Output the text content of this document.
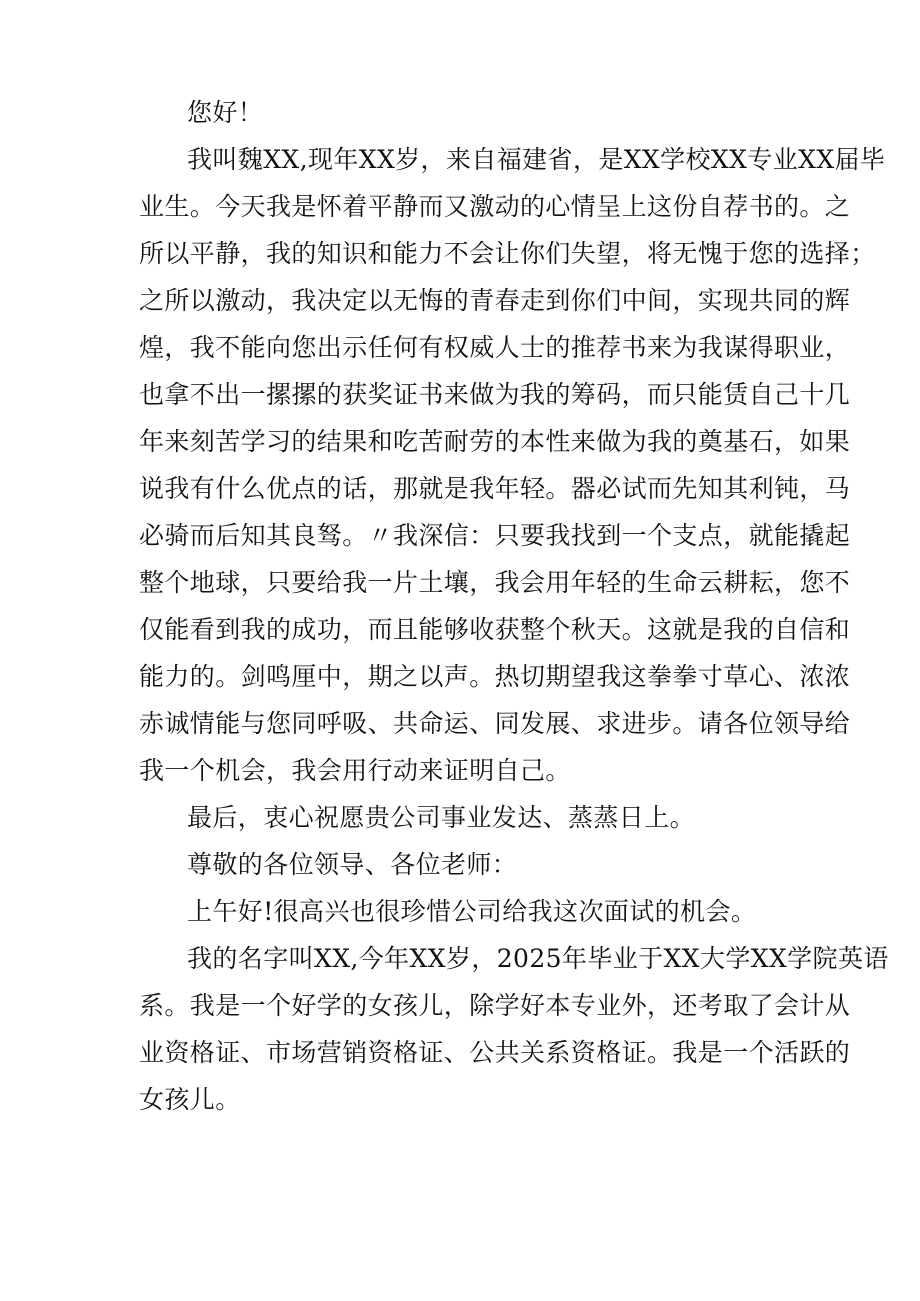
您好！
我叫魏XX,现年XX岁，来自福建省，是XX学校XX专业XX届毕
业生。今天我是怀着平静而又激动的心情呈上这份自荐书的。之
所以平静，我的知识和能力不会让你们失望，将无愧于您的选择；
之所以激动，我决定以无悔的青春走到你们中间，实现共同的辉
煌，我不能向您出示任何有权威人士的推荐书来为我谋得职业，
也拿不出一摞摞的获奖证书来做为我的筹码，而只能赁自己十几
年来刻苦学习的结果和吃苦耐劳的本性来做为我的奠基石，如果
说我有什么优点的话，那就是我年轻。器必试而先知其利钝，马
必骑而后知其良驽。〃我深信：只要我找到一个支点，就能撬起
整个地球，只要给我一片土壤，我会用年轻的生命云耕耘，您不
仅能看到我的成功，而且能够收获整个秋天。这就是我的自信和
能力的。剑鸣厘中，期之以声。热切期望我这拳拳寸草心、浓浓
赤诚情能与您同呼吸、共命运、同发展、求进步。请各位领导给
我一个机会，我会用行动来证明自己。
最后，衷心祝愿贵公司事业发达、蒸蒸日上。
尊敬的各位领导、各位老师：
上午好!很高兴也很珍惜公司给我这次面试的机会。
我的名字叫XX,今年XX岁，2025年毕业于XX大学XX学院英语
系。我是一个好学的女孩儿，除学好本专业外，还考取了会计从
业资格证、市场营销资格证、公共关系资格证。我是一个活跃的
女孩儿。
